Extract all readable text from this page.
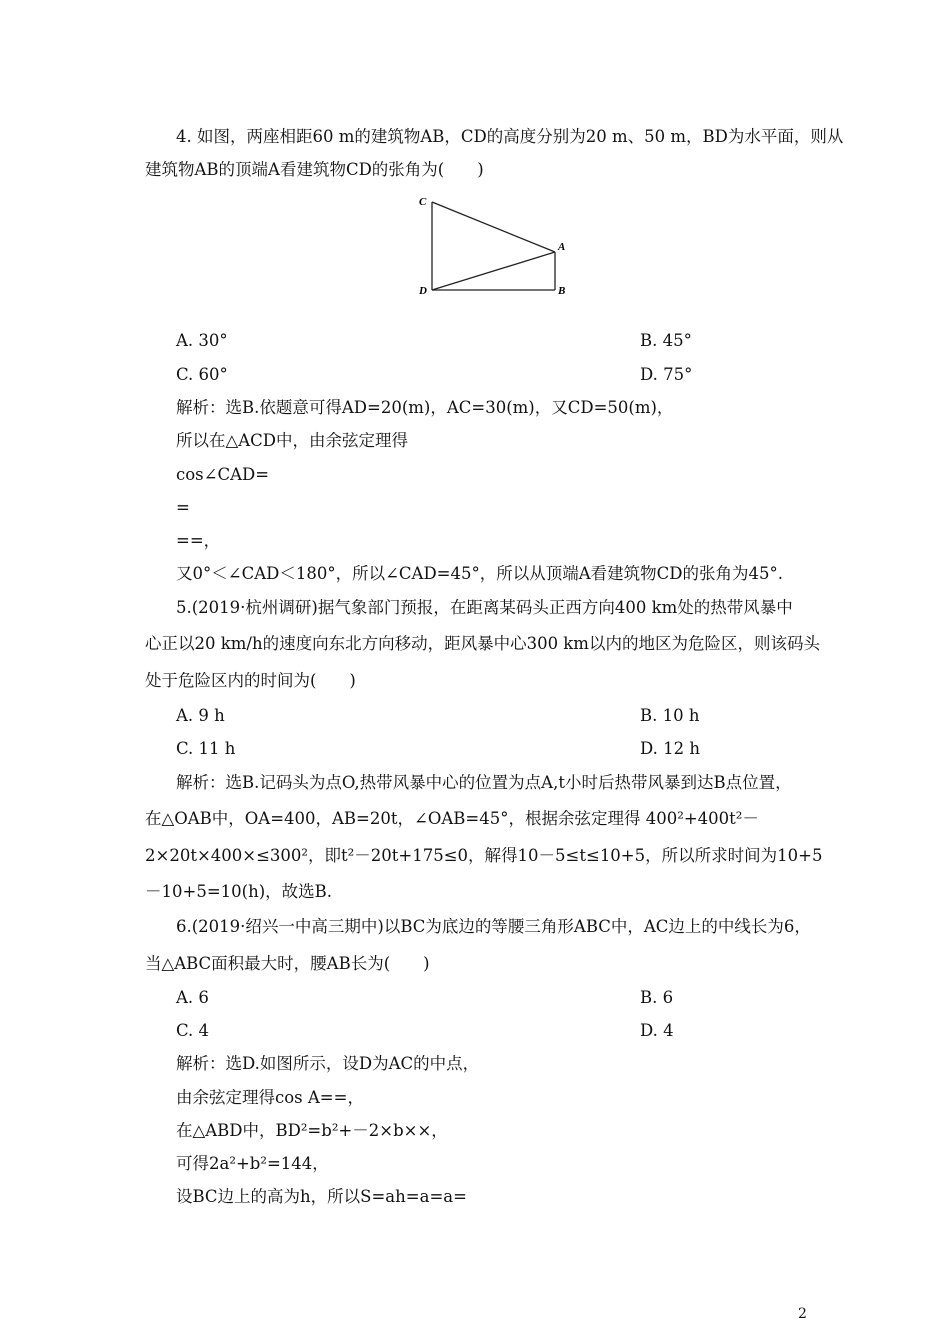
4. 如图，两座相距60 m的建筑物AB，CD的高度分别为20 m、50 m，BD为水平面，则从
建筑物AB的顶端A看建筑物CD的张角为(　　)
C
A
D	B
A. 30°	B. 45°
C. 60°	D. 75°
解析：选B.依题意可得AD=20(m)，AC=30(m)，又CD=50(m)，
所以在△ACD中，由余弦定理得
cos∠CAD=
=
==，
又0°＜∠CAD＜180°，所以∠CAD=45°，所以从顶端A看建筑物CD的张角为45°.
5.(2019·杭州调研)据气象部门预报，在距离某码头正西方向400 km处的热带风暴中
心正以20 km/h的速度向东北方向移动，距风暴中心300 km以内的地区为危险区，则该码头
处于危险区内的时间为(　　)
A. 9 h	B. 10 h
C. 11 h	D. 12 h
解析：选B.记码头为点O,热带风暴中心的位置为点A,t小时后热带风暴到达B点位置，
在△OAB中，OA=400，AB=20t，∠OAB=45°，根据余弦定理得 400²+400t²－
2×20t×400×≤300²，即t²－20t+175≤0，解得10－5≤t≤10+5，所以所求时间为10+5
－10+5=10(h)，故选B.
6.(2019·绍兴一中高三期中)以BC为底边的等腰三角形ABC中，AC边上的中线长为6，
当△ABC面积最大时，腰AB长为(　　)
A. 6	B. 6
C. 4	D. 4
解析：选D.如图所示，设D为AC的中点，
由余弦定理得cos A==，
在△ABD中，BD²=b²+－2×b××，
可得2a²+b²=144，
设BC边上的高为h，所以S=ah=a=a=
2
